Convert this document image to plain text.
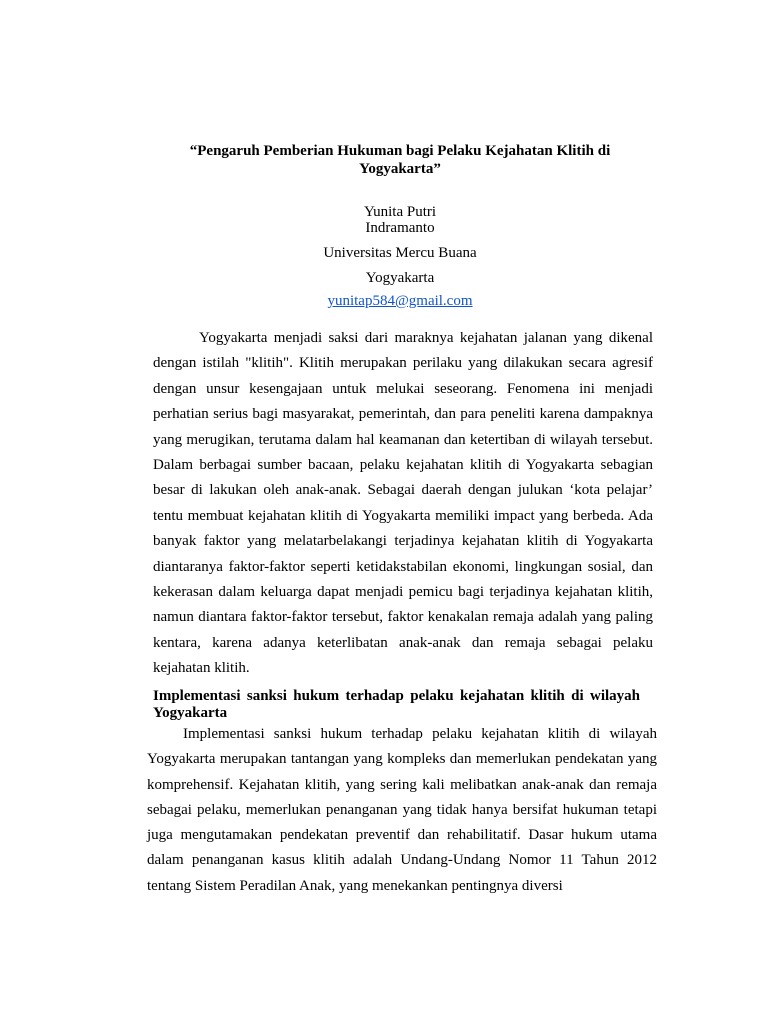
“Pengaruh Pemberian Hukuman bagi Pelaku Kejahatan Klitih di Yogyakarta”
Yunita Putri
Indramanto
Universitas Mercu Buana
Yogyakarta
yunitap584@gmail.com

Yogyakarta menjadi saksi dari maraknya kejahatan jalanan yang dikenal dengan istilah "klitih". Klitih merupakan perilaku yang dilakukan secara agresif dengan unsur kesengajaan untuk melukai seseorang. Fenomena ini menjadi perhatian serius bagi masyarakat, pemerintah, dan para peneliti karena dampaknya yang merugikan, terutama dalam hal keamanan dan ketertiban di wilayah tersebut. Dalam berbagai sumber bacaan, pelaku kejahatan klitih di Yogyakarta sebagian besar di lakukan oleh anak-anak. Sebagai daerah dengan julukan ‘kota pelajar’ tentu membuat kejahatan klitih di Yogyakarta memiliki impact yang berbeda. Ada banyak faktor yang melatarbelakangi terjadinya kejahatan klitih di Yogyakarta diantaranya faktor-faktor seperti ketidakstabilan ekonomi, lingkungan sosial, dan kekerasan dalam keluarga dapat menjadi pemicu bagi terjadinya kejahatan klitih, namun diantara faktor-faktor tersebut, faktor kenakalan remaja adalah yang paling kentara, karena adanya keterlibatan anak-anak dan remaja sebagai pelaku kejahatan klitih.

Implementasi sanksi hukum terhadap pelaku kejahatan klitih di wilayah Yogyakarta

Implementasi sanksi hukum terhadap pelaku kejahatan klitih di wilayah Yogyakarta merupakan tantangan yang kompleks dan memerlukan pendekatan yang komprehensif. Kejahatan klitih, yang sering kali melibatkan anak-anak dan remaja sebagai pelaku, memerlukan penanganan yang tidak hanya bersifat hukuman tetapi juga mengutamakan pendekatan preventif dan rehabilitatif. Dasar hukum utama dalam penanganan kasus klitih adalah Undang-Undang Nomor 11 Tahun 2012 tentang Sistem Peradilan Anak, yang menekankan pentingnya diversi
